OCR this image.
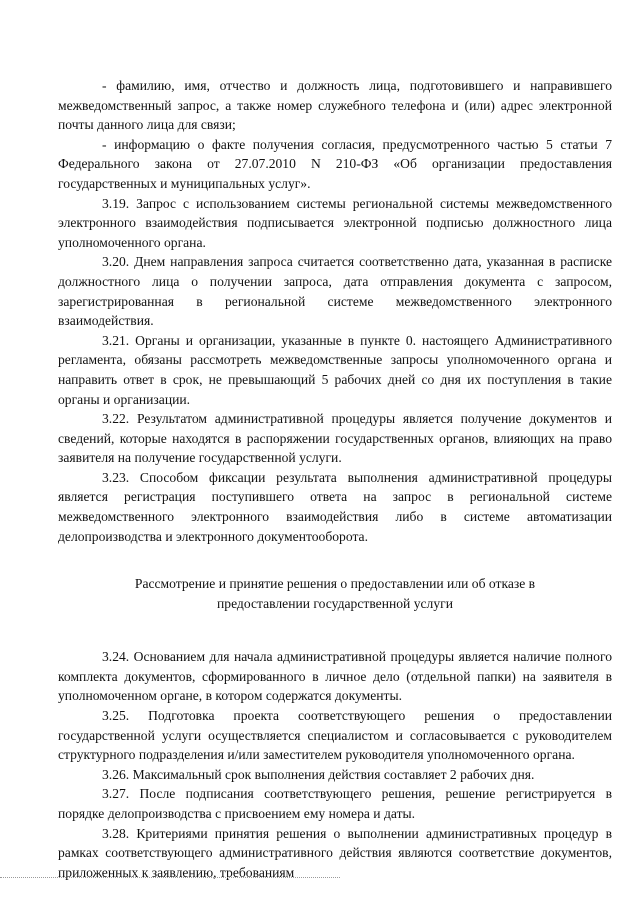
- фамилию, имя, отчество и должность лица, подготовившего и направившего межведомственный запрос, а также номер служебного телефона и (или) адрес электронной почты данного лица для связи;

- информацию о факте получения согласия, предусмотренного частью 5 статьи 7 Федерального закона от 27.07.2010 N 210-ФЗ «Об организации предоставления государственных и муниципальных услуг».

3.19. Запрос с использованием системы региональной системы межведомственного электронного взаимодействия подписывается электронной подписью должностного лица уполномоченного органа.

3.20. Днем направления запроса считается соответственно дата, указанная в расписке должностного лица о получении запроса, дата отправления документа с запросом, зарегистрированная в региональной системе межведомственного электронного взаимодействия.

3.21. Органы и организации, указанные в пункте 0. настоящего Административного регламента, обязаны рассмотреть межведомственные запросы уполномоченного органа и направить ответ в срок, не превышающий 5 рабочих дней со дня их поступления в такие органы и организации.

3.22. Результатом административной процедуры является получение документов и сведений, которые находятся в распоряжении государственных органов, влияющих на право заявителя на получение государственной услуги.

3.23. Способом фиксации результата выполнения административной процедуры является регистрация поступившего ответа на запрос в региональной системе межведомственного электронного взаимодействия либо в системе автоматизации делопроизводства и электронного документооборота.

Рассмотрение и принятие решения о предоставлении или об отказе в предоставлении государственной услуги

3.24. Основанием для начала административной процедуры является наличие полного комплекта документов, сформированного в личное дело (отдельной папки) на заявителя в уполномоченном органе, в котором содержатся документы.

3.25. Подготовка проекта соответствующего решения о предоставлении государственной услуги осуществляется специалистом и согласовывается с руководителем структурного подразделения и/или заместителем руководителя уполномоченного органа.

3.26. Максимальный срок выполнения действия составляет 2 рабочих дня.

3.27. После подписания соответствующего решения, решение регистрируется в порядке делопроизводства с присвоением ему номера и даты.

3.28. Критериями принятия решения о выполнении административных процедур в рамках соответствующего административного действия являются соответствие документов, приложенных к заявлению, требованиям
